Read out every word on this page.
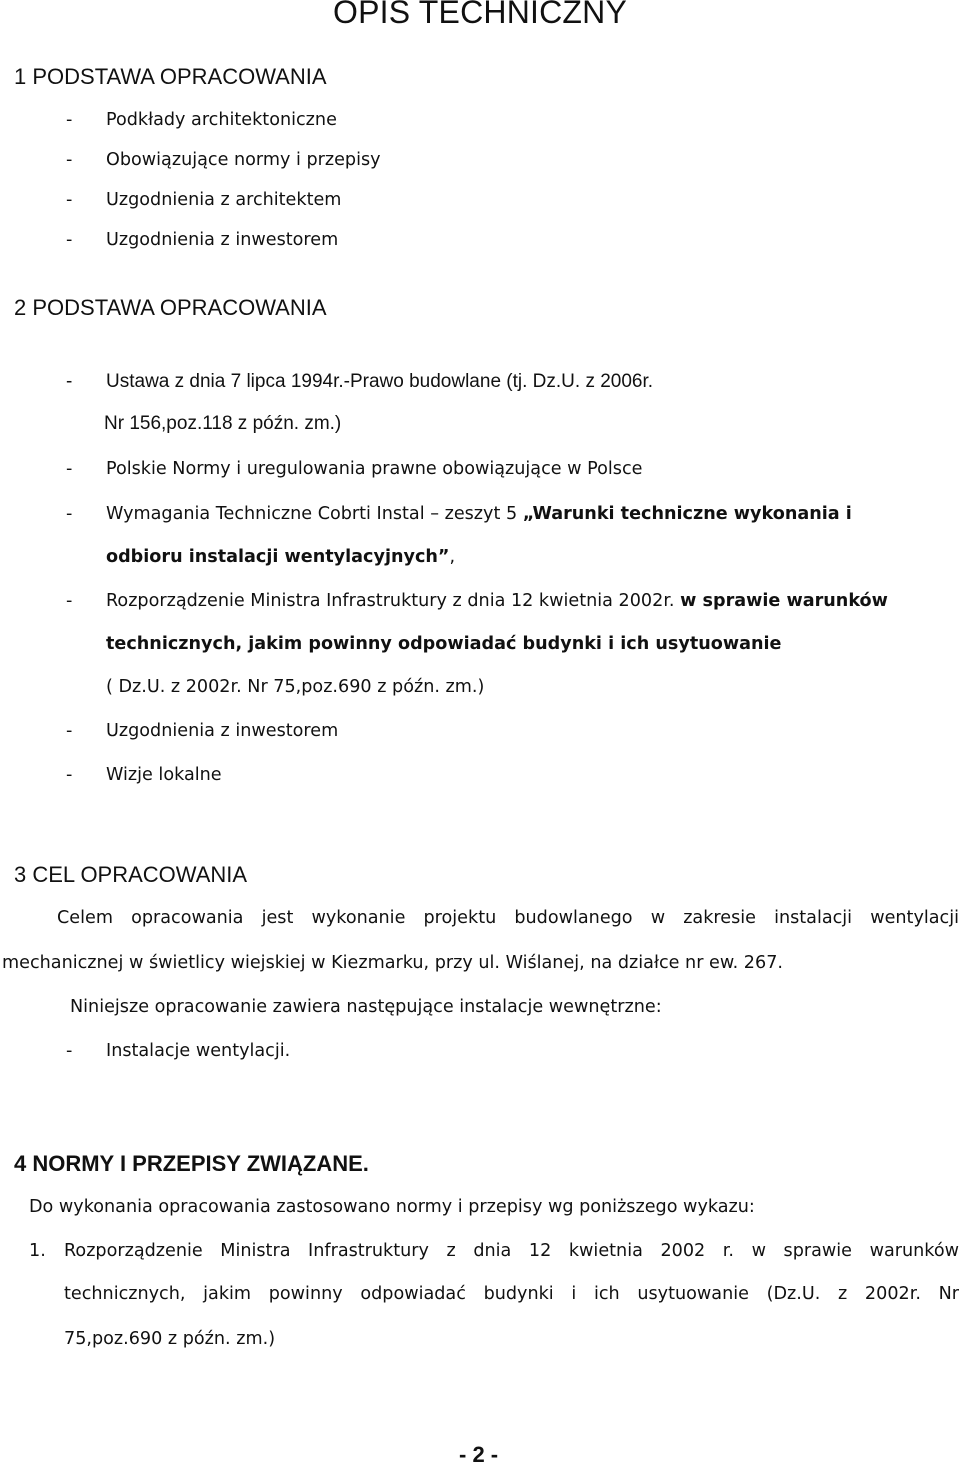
OPIS TECHNICZNY
1 PODSTAWA OPRACOWANIA
- Podkłady architektoniczne
- Obowiązujące normy i przepisy
- Uzgodnienia z architektem
- Uzgodnienia z inwestorem
2 PODSTAWA OPRACOWANIA
- Ustawa z dnia 7 lipca 1994r.-Prawo budowlane (tj. Dz.U. z 2006r.
Nr 156,poz.118 z późn. zm.)
- Polskie Normy i uregulowania prawne obowiązujące w Polsce
- Wymagania Techniczne Cobrti Instal – zeszyt 5 „Warunki techniczne wykonania i
odbioru instalacji wentylacyjnych”,
- Rozporządzenie Ministra Infrastruktury z dnia 12 kwietnia 2002r. w sprawie warunków
technicznych, jakim powinny odpowiadać budynki i ich usytuowanie
( Dz.U. z 2002r. Nr 75,poz.690 z późn. zm.)
- Uzgodnienia z inwestorem
- Wizje lokalne
3 CEL OPRACOWANIA
Celem opracowania jest wykonanie projektu budowlanego w zakresie instalacji wentylacji
mechanicznej w świetlicy wiejskiej w Kiezmarku, przy ul. Wiślanej, na działce nr ew. 267.
Niniejsze opracowanie zawiera następujące instalacje wewnętrzne:
- Instalacje wentylacji.
4 NORMY I PRZEPISY ZWIĄZANE.
Do wykonania opracowania zastosowano normy i przepisy wg poniższego wykazu:
1. Rozporządzenie Ministra Infrastruktury z dnia 12 kwietnia 2002 r. w sprawie warunków
technicznych, jakim powinny odpowiadać budynki i ich usytuowanie (Dz.U. z 2002r. Nr
75,poz.690 z późn. zm.)
- 2 -
